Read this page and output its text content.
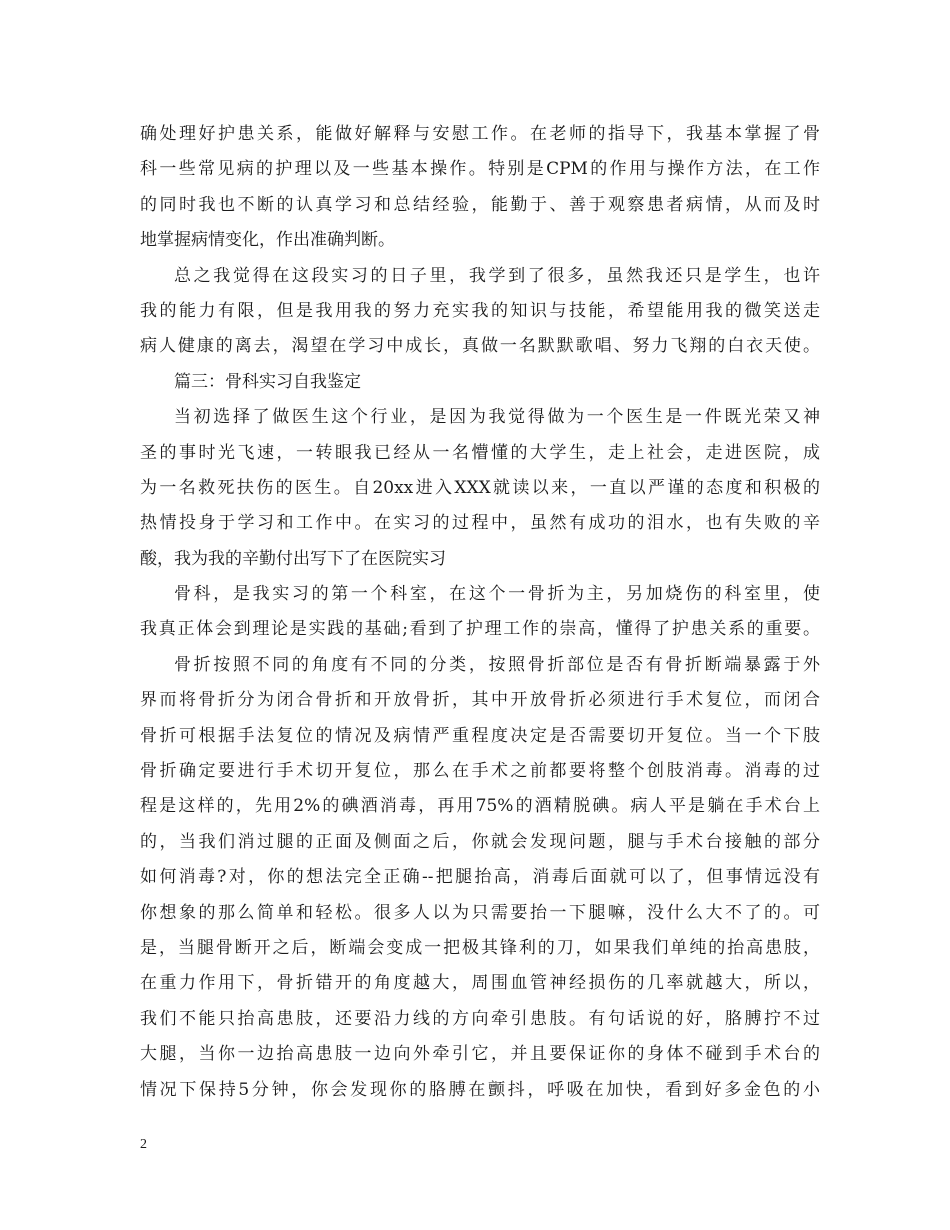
确处理好护患关系，能做好解释与安慰工作。在老师的指导下，我基本掌握了骨
科一些常见病的护理以及一些基本操作。特别是CPM的作用与操作方法，在工作
的同时我也不断的认真学习和总结经验，能勤于、善于观察患者病情，从而及时
地掌握病情变化，作出准确判断。
总之我觉得在这段实习的日子里，我学到了很多，虽然我还只是学生，也许
我的能力有限，但是我用我的努力充实我的知识与技能，希望能用我的微笑送走
病人健康的离去，渴望在学习中成长，真做一名默默歌唱、努力飞翔的白衣天使。
篇三：骨科实习自我鉴定
当初选择了做医生这个行业，是因为我觉得做为一个医生是一件既光荣又神
圣的事时光飞速，一转眼我已经从一名懵懂的大学生，走上社会，走进医院，成
为一名救死扶伤的医生。自20xx进入XXX就读以来，一直以严谨的态度和积极的
热情投身于学习和工作中。在实习的过程中，虽然有成功的泪水，也有失败的辛
酸，我为我的辛勤付出写下了在医院实习
骨科，是我实习的第一个科室，在这个一骨折为主，另加烧伤的科室里，使
我真正体会到理论是实践的基础;看到了护理工作的崇高，懂得了护患关系的重要。
骨折按照不同的角度有不同的分类，按照骨折部位是否有骨折断端暴露于外
界而将骨折分为闭合骨折和开放骨折，其中开放骨折必须进行手术复位，而闭合
骨折可根据手法复位的情况及病情严重程度决定是否需要切开复位。当一个下肢
骨折确定要进行手术切开复位，那么在手术之前都要将整个创肢消毒。消毒的过
程是这样的，先用2%的碘酒消毒，再用75%的酒精脱碘。病人平是躺在手术台上
的，当我们消过腿的正面及侧面之后，你就会发现问题，腿与手术台接触的部分
如何消毒?对，你的想法完全正确--把腿抬高，消毒后面就可以了，但事情远没有
你想象的那么简单和轻松。很多人以为只需要抬一下腿嘛，没什么大不了的。可
是，当腿骨断开之后，断端会变成一把极其锋利的刀，如果我们单纯的抬高患肢，
在重力作用下，骨折错开的角度越大，周围血管神经损伤的几率就越大，所以，
我们不能只抬高患肢，还要沿力线的方向牵引患肢。有句话说的好，胳膊拧不过
大腿，当你一边抬高患肢一边向外牵引它，并且要保证你的身体不碰到手术台的
情况下保持5分钟，你会发现你的胳膊在颤抖，呼吸在加快，看到好多金色的小
2
